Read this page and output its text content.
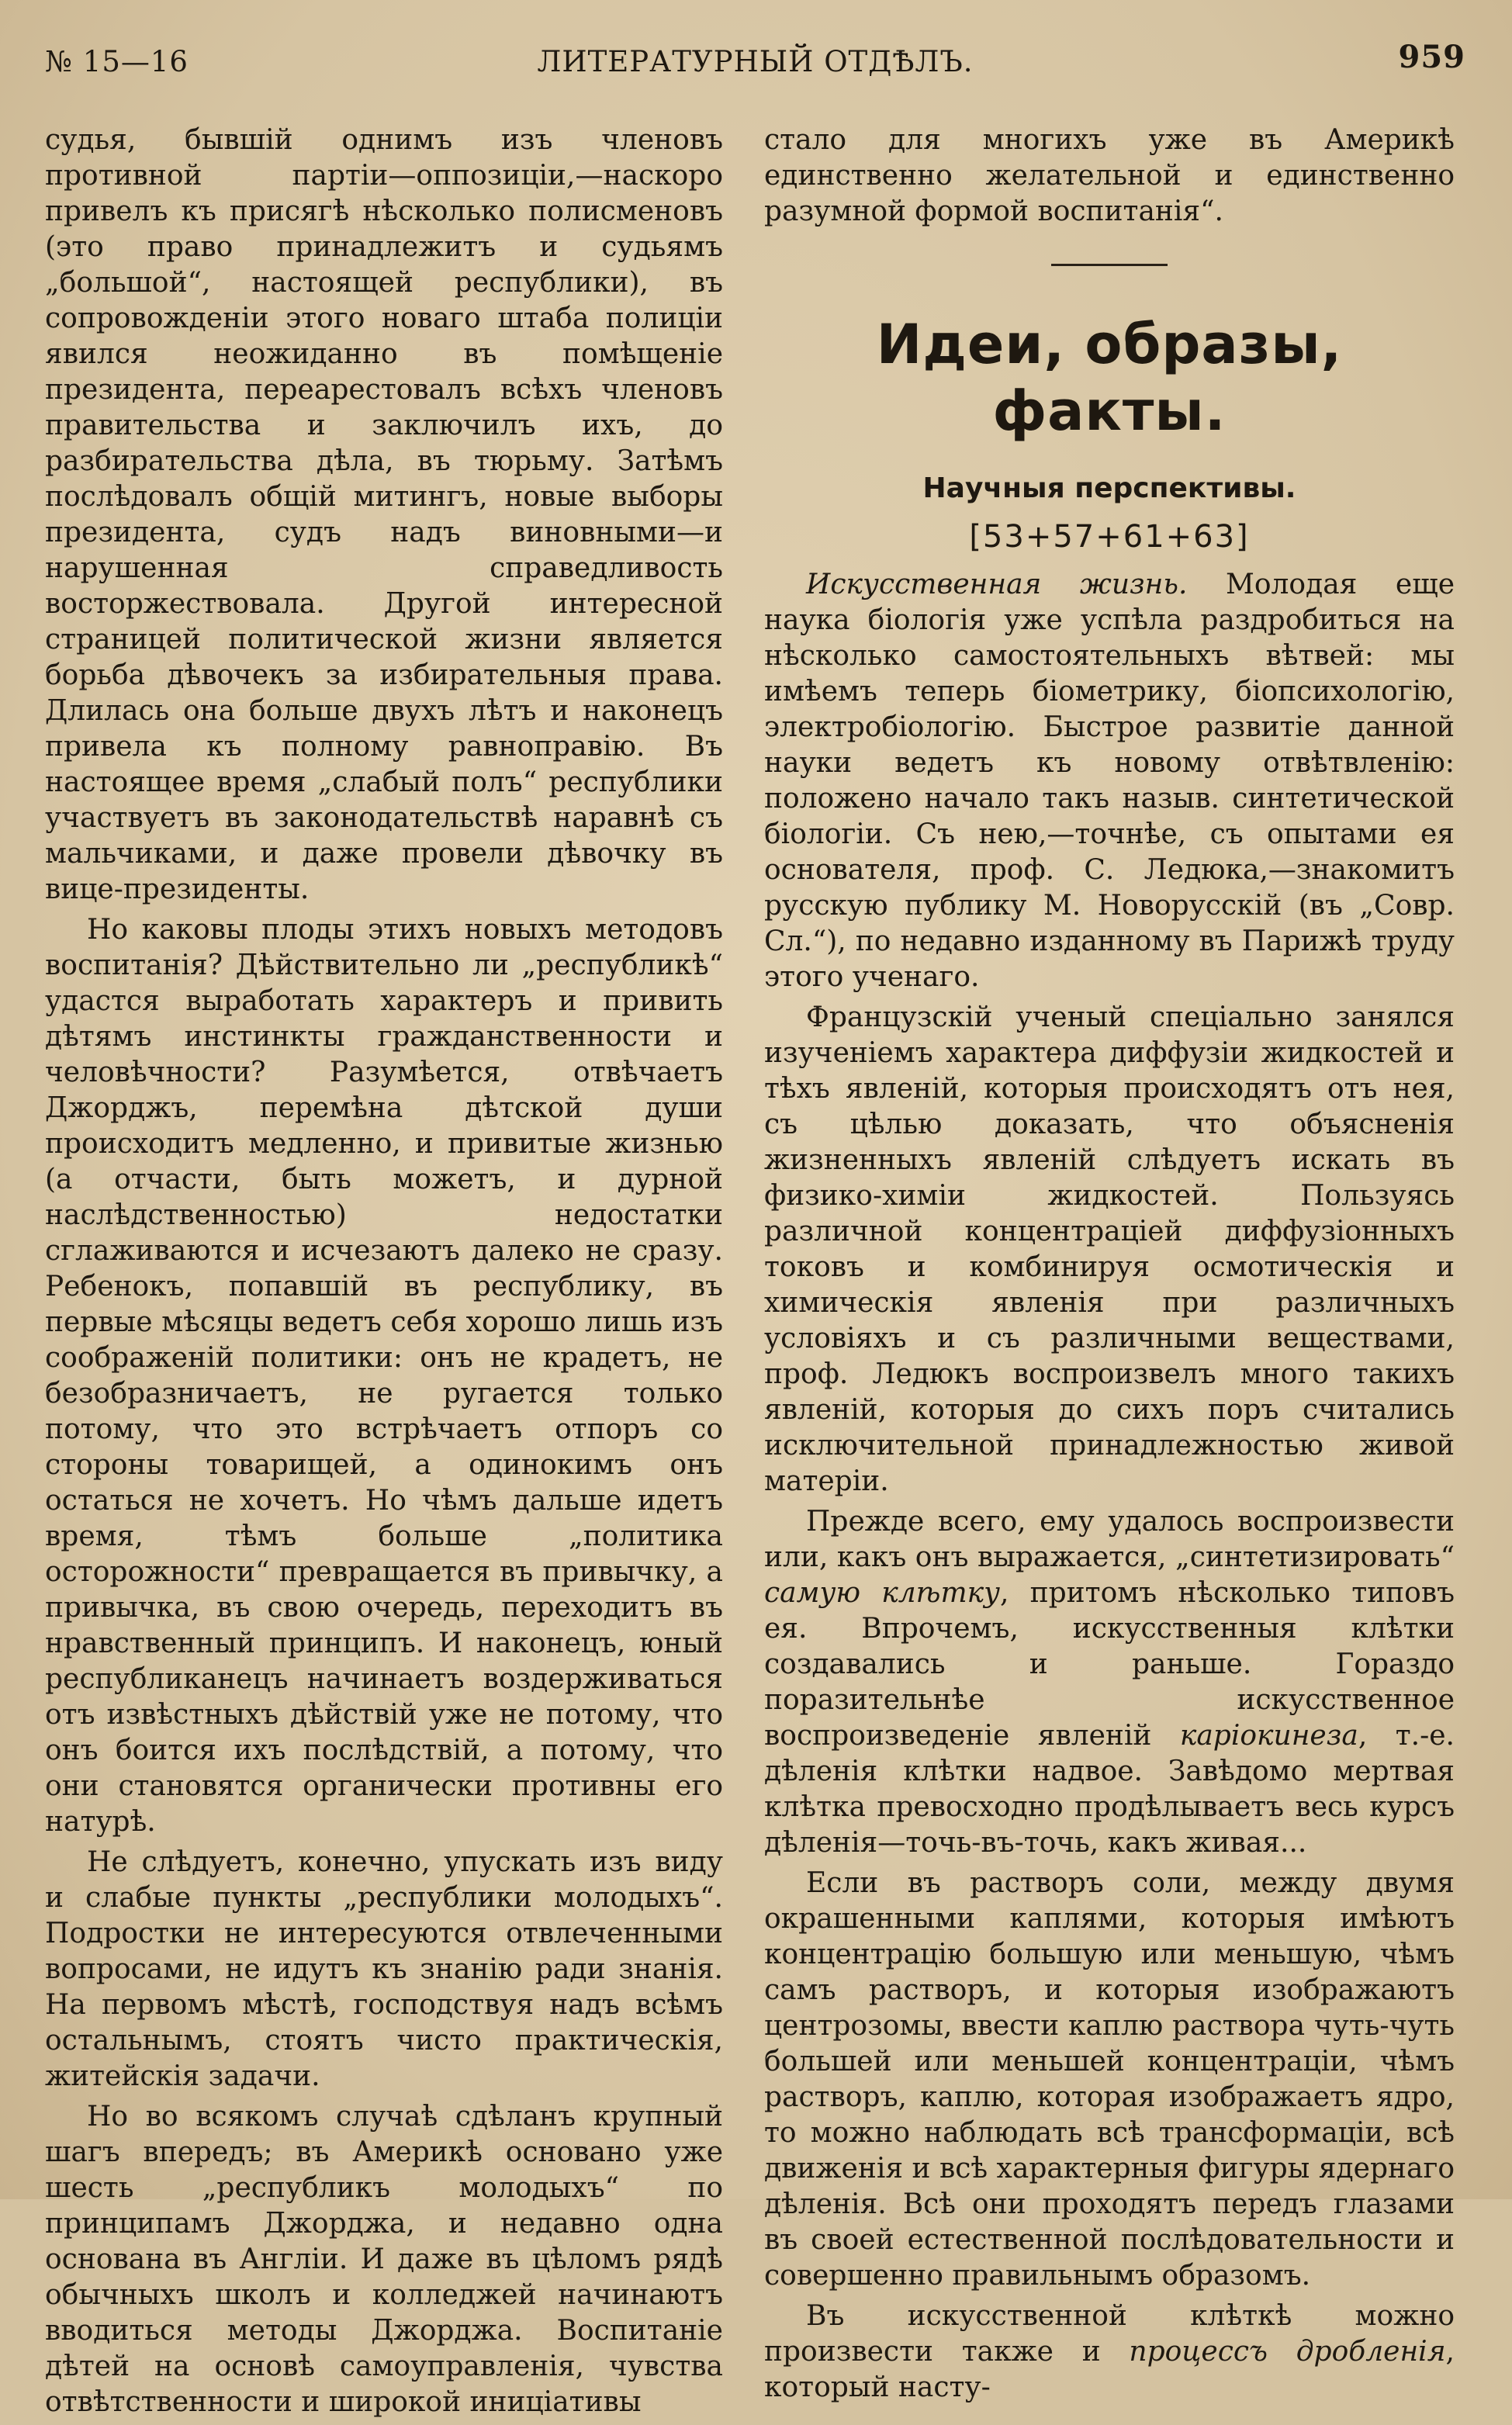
№ 15—16	ЛИТЕРАТУРНЫЙ ОТДѢЛЪ.	959

судья, бывшій однимъ изъ членовъ противной партіи—оппозиціи,—наскоро привелъ къ присягѣ нѣсколько полисменовъ (это право принадлежитъ и судьямъ „большой“, настоящей республики), въ сопровожденіи этого новаго штаба полиціи явился неожиданно въ помѣщеніе президента, переарестовалъ всѣхъ членовъ правительства и заключилъ ихъ, до разбирательства дѣла, въ тюрьму. Затѣмъ послѣдовалъ общій митингъ, новые выборы президента, судъ надъ виновными—и нарушенная справедливость восторжествовала. Другой интересной страницей политической жизни является борьба дѣвочекъ за избирательныя права. Длилась она больше двухъ лѣтъ и наконецъ привела къ полному равноправію. Въ настоящее время „слабый полъ“ республики участвуетъ въ законодательствѣ наравнѣ съ мальчиками, и даже провели дѣвочку въ вице-президенты.

Но каковы плоды этихъ новыхъ методовъ воспитанія? Дѣйствительно ли „республикѣ“ удастся выработать характеръ и привить дѣтямъ инстинкты гражданственности и человѣчности? Разумѣется, отвѣчаетъ Джорджъ, перемѣна дѣтской души происходитъ медленно, и привитые жизнью (а отчасти, быть можетъ, и дурной наслѣдственностью) недостатки сглаживаются и исчезаютъ далеко не сразу. Ребенокъ, попавшій въ республику, въ первые мѣсяцы ведетъ себя хорошо лишь изъ соображеній политики: онъ не крадетъ, не безобразничаетъ, не ругается только потому, что это встрѣчаетъ отпоръ со стороны товарищей, а одинокимъ онъ остаться не хочетъ. Но чѣмъ дальше идетъ время, тѣмъ больше „политика осторожности“ превращается въ привычку, а привычка, въ свою очередь, переходитъ въ нравственный принципъ. И наконецъ, юный республиканецъ начинаетъ воздерживаться отъ извѣстныхъ дѣйствій уже не потому, что онъ боится ихъ послѣдствій, а потому, что они становятся органически противны его натурѣ.

Не слѣдуетъ, конечно, упускать изъ виду и слабые пункты „республики молодыхъ“. Подростки не интересуются отвлеченными вопросами, не идутъ къ знанію ради знанія. На первомъ мѣстѣ, господствуя надъ всѣмъ остальнымъ, стоятъ чисто практическія, житейскія задачи.

Но во всякомъ случаѣ сдѣланъ крупный шагъ впередъ; въ Америкѣ основано уже шесть „республикъ молодыхъ“ по принципамъ Джорджа, и недавно одна основана въ Англіи. И даже въ цѣломъ рядѣ обычныхъ школъ и колледжей начинаютъ вводиться методы Джорджа. Воспитаніе дѣтей на основѣ самоуправленія, чувства отвѣтственности и широкой иниціативы

стало для многихъ уже въ Америкѣ единственно желательной и единственно разумной формой воспитанія“.

Идеи, образы, факты.
Научныя перспективы.
[53+57+61+63]

Искусственная жизнь. Молодая еще наука біологія уже успѣла раздробиться на нѣсколько самостоятельныхъ вѣтвей: мы имѣемъ теперь біометрику, біопсихологію, электробіологію. Быстрое развитіе данной науки ведетъ къ новому отвѣтвленію: положено начало такъ назыв. синтетической біологіи. Съ нею,—точнѣе, съ опытами ея основателя, проф. С. Ледюка,—знакомитъ русскую публику М. Новорусскій (въ „Совр. Сл.“), по недавно изданному въ Парижѣ труду этого ученаго.

Французскій ученый спеціально занялся изученіемъ характера диффузіи жидкостей и тѣхъ явленій, которыя происходятъ отъ нея, съ цѣлью доказать, что объясненія жизненныхъ явленій слѣдуетъ искать въ физико-химіи жидкостей. Пользуясь различной концентраціей диффузіонныхъ токовъ и комбинируя осмотическія и химическія явленія при различныхъ условіяхъ и съ различными веществами, проф. Ледюкъ воспроизвелъ много такихъ явленій, которыя до сихъ поръ считались исключительной принадлежностью живой матеріи.

Прежде всего, ему удалось воспроизвести или, какъ онъ выражается, „синтетизировать“ самую клѣтку, притомъ нѣсколько типовъ ея. Впрочемъ, искусственныя клѣтки создавались и раньше. Гораздо поразительнѣе искусственное воспроизведеніе явленій каріокинеза, т.-е. дѣленія клѣтки надвое. Завѣдомо мертвая клѣтка превосходно продѣлываетъ весь курсъ дѣленія—точь-въ-точь, какъ живая...

Если въ растворъ соли, между двумя окрашенными каплями, которыя имѣютъ концентрацію большую или меньшую, чѣмъ самъ растворъ, и которыя изображаютъ центрозомы, ввести каплю раствора чуть-чуть большей или меньшей концентраціи, чѣмъ растворъ, каплю, которая изображаетъ ядро, то можно наблюдать всѣ трансформаціи, всѣ движенія и всѣ характерныя фигуры ядернаго дѣленія. Всѣ они проходятъ передъ глазами въ своей естественной послѣдовательности и совершенно правильнымъ образомъ.

Въ искусственной клѣткѣ можно произвести также и процессъ дробленія, который насту-
